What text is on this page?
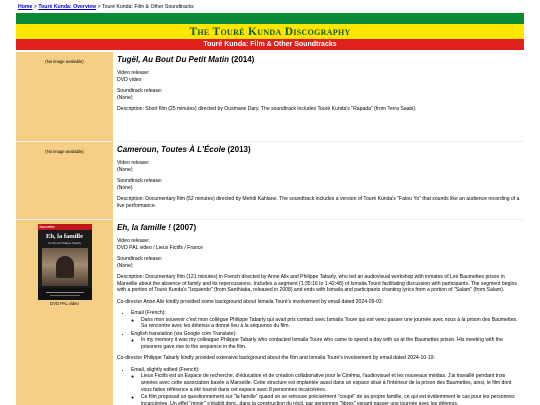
Home > Touré Kunda: Overview > Touré Kunda: Film & Other Soundtracks
The Touré Kunda Discography
Touré Kunda: Film & Other Soundtracks
(No image available)	Tugël, Au Bout Du Petit Matin (2014)

Video release:
DVD video

Soundtrack release:
(None)

Description: Short film (25 minutes) directed by Ousmane Dary. The soundtrack includes Touré Kunda's "Rapada" (from Terra Saabi).

(No image available)	Cameroun, Toutes À L'École (2013)

Video release:
(None)

Soundtrack release:
(None)

Description: Documentary film (52 minutes) directed by Mehdi Kahlane. The soundtrack includes a version of Touré Kunda's "Fatou Yo" that sounds like an audience recording of a live performance.

Baumettes
Eh, la famille
Un film de Philippe Tabarly
DVD PAL video
Eh, la famille ! (2007)

Video release:
DVD PAL video / Lieux Fictifs / France

Soundtrack release:
(None)

Description: Documentary film (121 minutes) in French directed by Anne Alix and Philippe Tabarly, who led an audiovisual workshop with inmates of Les Baumettes prison in Marseille about the absence of family and its repercussions. Includes a segment (1:35:16 to 1:42:48) of Ismaila Touré facilitating discussion with participants. The segment begins with a portion of Touré Kunda's "Izquierdo" (from Santhiaba, released in 2008) and ends with Ismaila and participants chanting lyrics from a portion of "Salam" (from Salam).

Co-director Anne Alix kindly provided some background about Ismaila Touré's involvement by email dated 2024-09-02:

• Email (French):
◦ Dans mon souvenir c'est mon collègue Philippe Tabarly qui avait pris contact avec Ismaila Toure qui est venu passer une journée avec nous à la prison des Baumettes. Sa rencontre avec les détenus a donné lieu à la séquence du film.
• English translation (via Google com Translate):
◦ In my memory it was my colleague Philippe Tabarly who contacted Ismaila Toure who came to spend a day with us at the Baumettes prison. His meeting with the prisoners gave rise to the sequence in the film.

Co-director Philippe Tabarly kindly provided extensive background about the film and Ismaila Touré's involvement by email dated 2024-10-19:

• Email, slightly edited (French):
◦ Lieux Fictifs est un Espace de recherche, d'éducation et de création collaborative pour le Cinéma, l'audiovisuel et les nouveaux médias. J'ai travaillé pendant trois années avec cette association basée à Marseille. Cette structure est implantée aussi dans un espace situé à l'intérieur de la prison des Baumettes, ainsi, le film dont vous faites référence a été tourné dans cet espace avec 8 personnes incarcérées.
◦ Ce film proposait un questionnement sur "la famille" quand on se retrouve précisément "coupé" de sa propre famille, ce qui est évidemment le cas pour les personnes incarcérées. Un effet "miroir" s'établit donc, dans la construction du récit, par personnes "libres" venant passer une journée avec les détenus.
